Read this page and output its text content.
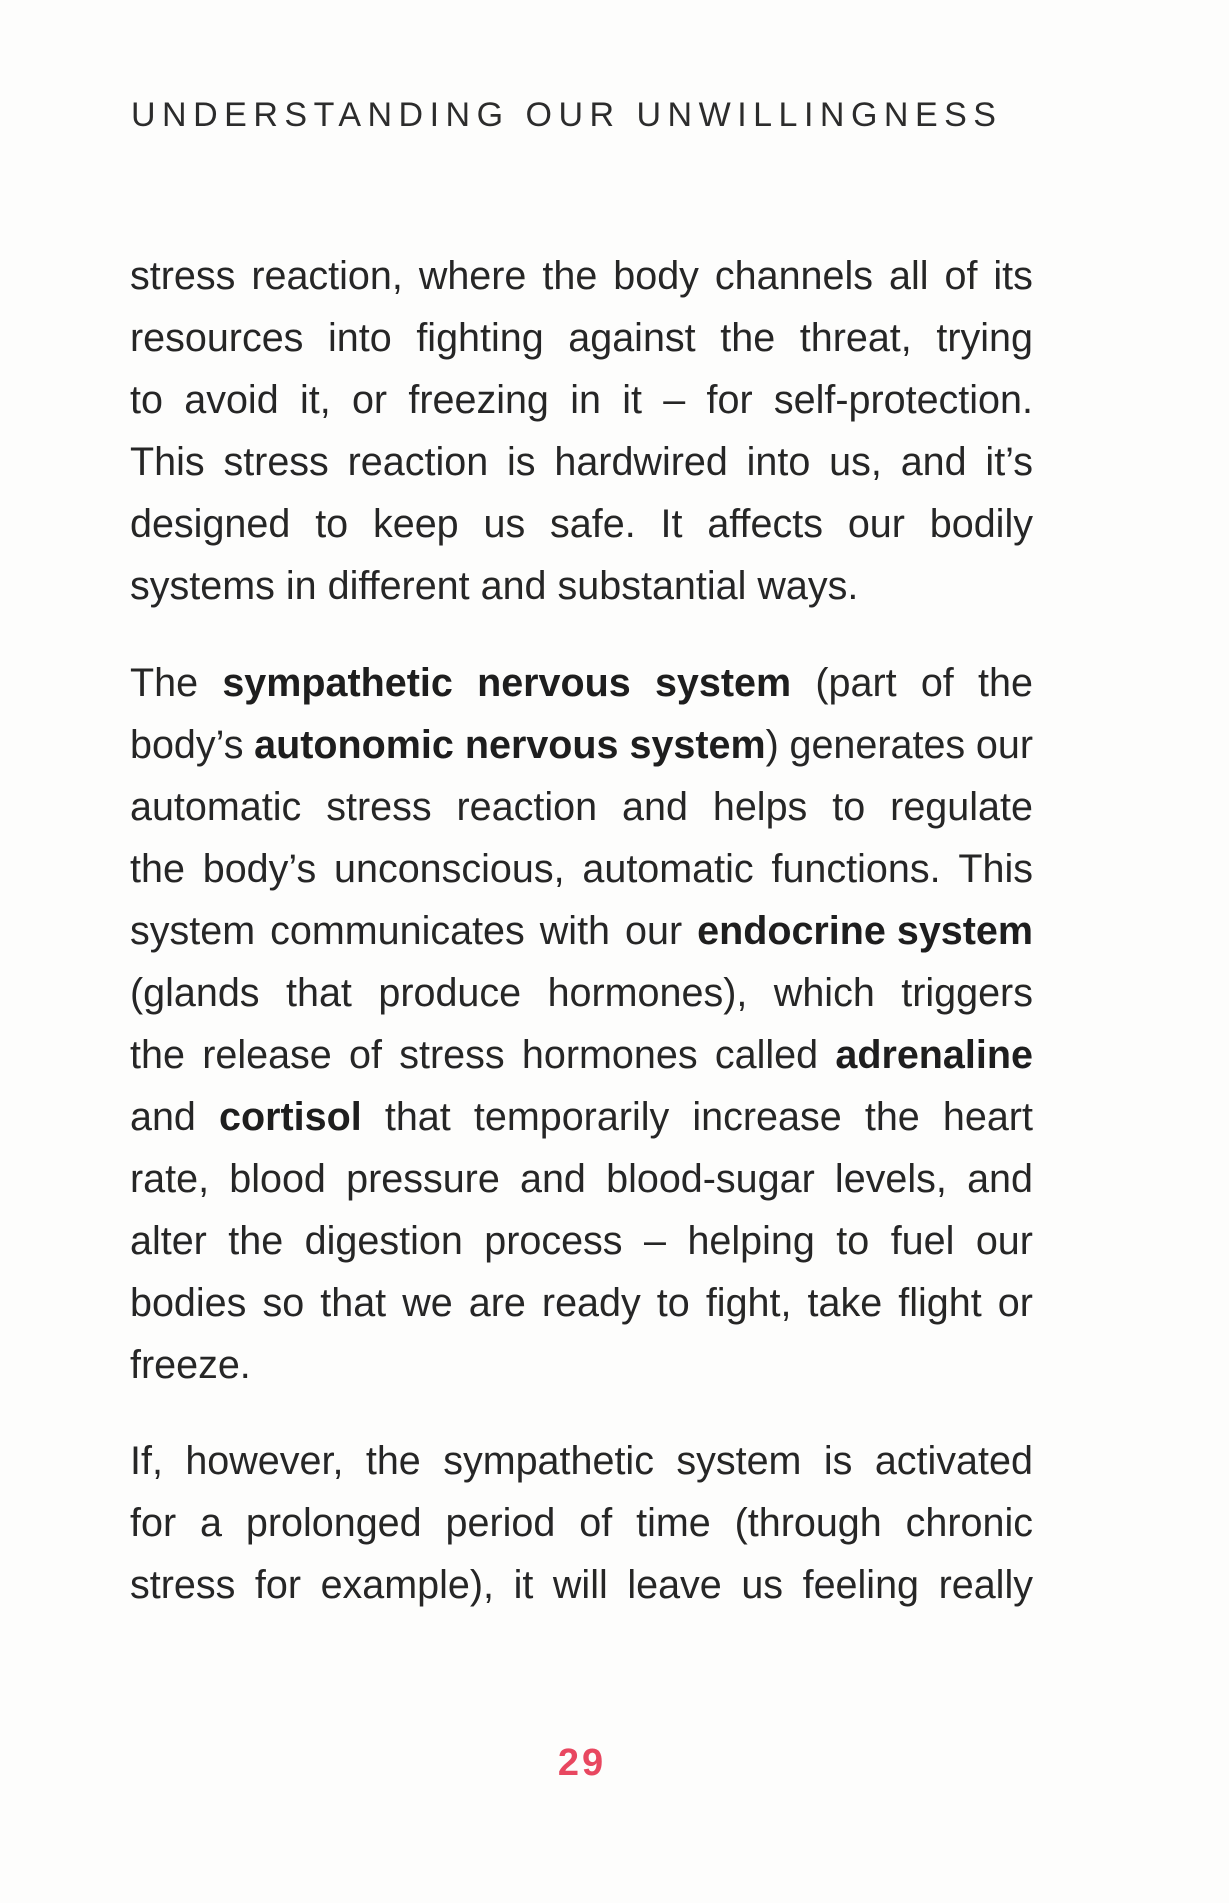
UNDERSTANDING OUR UNWILLINGNESS
stress reaction, where the body channels all of its
resources into fighting against the threat, trying
to avoid it, or freezing in it – for self-protection.
This stress reaction is hardwired into us, and it’s
designed to keep us safe. It affects our bodily
systems in different and substantial ways.
The sympathetic nervous system (part of the
body’s autonomic nervous system) generates our
automatic stress reaction and helps to regulate
the body’s unconscious, automatic functions. This
system communicates with our endocrine system
(glands that produce hormones), which triggers
the release of stress hormones called adrenaline
and cortisol that temporarily increase the heart
rate, blood pressure and blood-sugar levels, and
alter the digestion process – helping to fuel our
bodies so that we are ready to fight, take flight or
freeze.
If, however, the sympathetic system is activated
for a prolonged period of time (through chronic
stress for example), it will leave us feeling really
29
